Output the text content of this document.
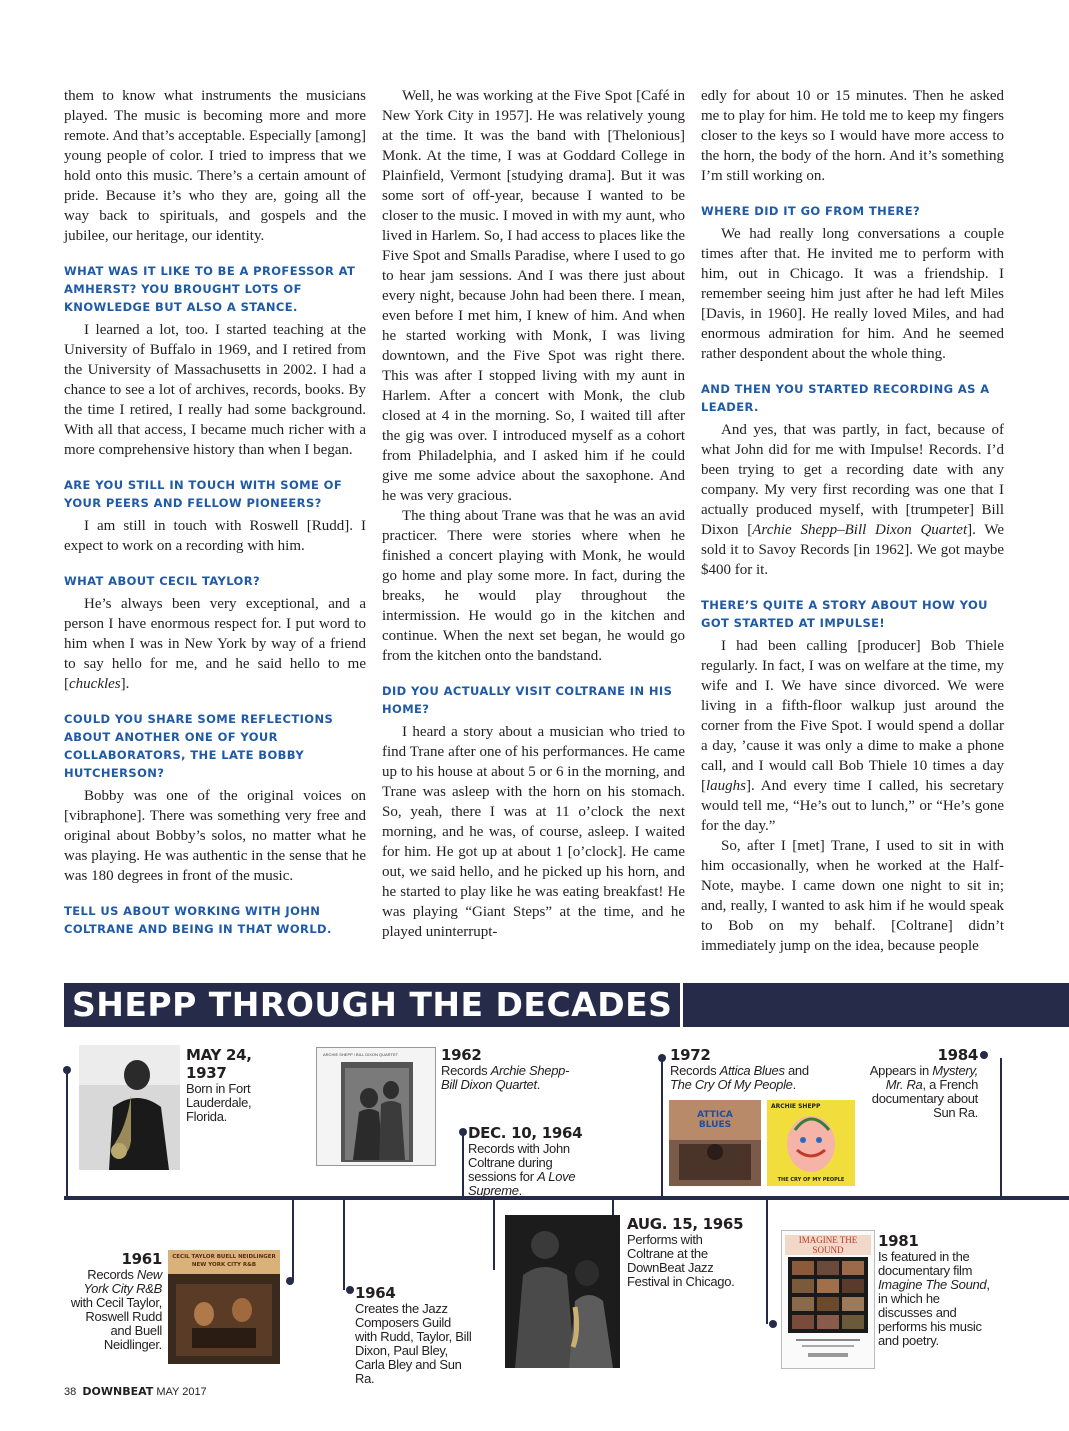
them to know what instruments the musicians played. The music is becoming more and more remote. And that’s acceptable. Especially [among] young people of color. I tried to impress that we hold onto this music. There’s a certain amount of pride. Because it’s who they are, going all the way back to spirituals, and gospels and the jubilee, our heritage, our identity.

WHAT WAS IT LIKE TO BE A PROFESSOR AT AMHERST? YOU BROUGHT LOTS OF KNOWLEDGE BUT ALSO A STANCE.

I learned a lot, too. I started teaching at the University of Buffalo in 1969, and I retired from the University of Massachusetts in 2002. I had a chance to see a lot of archives, records, books. By the time I retired, I really had some background. With all that access, I became much richer with a more comprehensive history than when I began.

ARE YOU STILL IN TOUCH WITH SOME OF YOUR PEERS AND FELLOW PIONEERS?

I am still in touch with Roswell [Rudd]. I expect to work on a recording with him.

WHAT ABOUT CECIL TAYLOR?

He’s always been very exceptional, and a person I have enormous respect for. I put word to him when I was in New York by way of a friend to say hello for me, and he said hello to me [chuckles].

COULD YOU SHARE SOME REFLECTIONS ABOUT ANOTHER ONE OF YOUR COLLABORATORS, THE LATE BOBBY HUTCHERSON?

Bobby was one of the original voices on [vibraphone]. There was something very free and original about Bobby’s solos, no matter what he was playing. He was authentic in the sense that he was 180 degrees in front of the music.

TELL US ABOUT WORKING WITH JOHN COLTRANE AND BEING IN THAT WORLD.

Well, he was working at the Five Spot [Café in New York City in 1957]. He was relatively young at the time. It was the band with [Thelonious] Monk. At the time, I was at Goddard College in Plainfield, Vermont [studying drama]. But it was some sort of off-year, because I wanted to be closer to the music. I moved in with my aunt, who lived in Harlem. So, I had access to places like the Five Spot and Smalls Paradise, where I used to go to hear jam sessions. And I was there just about every night, because John had been there. I mean, even before I met him, I knew of him. And when he started working with Monk, I was living downtown, and the Five Spot was right there. This was after I stopped living with my aunt in Harlem. After a concert with Monk, the club closed at 4 in the morning. So, I waited till after the gig was over. I introduced myself as a cohort from Philadelphia, and I asked him if he could give me some advice about the saxophone. And he was very gracious.

The thing about Trane was that he was an avid practicer. There were stories where when he finished a concert playing with Monk, he would go home and play some more. In fact, during the breaks, he would play throughout the intermission. He would go in the kitchen and continue. When the next set began, he would go from the kitchen onto the bandstand.

DID YOU ACTUALLY VISIT COLTRANE IN HIS HOME?

I heard a story about a musician who tried to find Trane after one of his performances. He came up to his house at about 5 or 6 in the morning, and Trane was asleep with the horn on his stomach. So, yeah, there I was at 11 o’clock the next morning, and he was, of course, asleep. I waited for him. He got up at about 1 [o’clock]. He came out, we said hello, and he picked up his horn, and he started to play like he was eating breakfast! He was playing “Giant Steps” at the time, and he played uninterrupt-

edly for about 10 or 15 minutes. Then he asked me to play for him. He told me to keep my fingers closer to the keys so I would have more access to the horn, the body of the horn. And it’s something I’m still working on.

WHERE DID IT GO FROM THERE?

We had really long conversations a couple times after that. He invited me to perform with him, out in Chicago. It was a friendship. I remember seeing him just after he had left Miles [Davis, in 1960]. He really loved Miles, and had enormous admiration for him. And he seemed rather despondent about the whole thing.

AND THEN YOU STARTED RECORDING AS A LEADER.

And yes, that was partly, in fact, because of what John did for me with Impulse! Records. I’d been trying to get a recording date with any company. My very first recording was one that I actually produced myself, with [trumpeter] Bill Dixon [Archie Shepp–Bill Dixon Quartet]. We sold it to Savoy Records [in 1962]. We got maybe $400 for it.

THERE’S QUITE A STORY ABOUT HOW YOU GOT STARTED AT IMPULSE!

I had been calling [producer] Bob Thiele regularly. In fact, I was on welfare at the time, my wife and I. We have since divorced. We were living in a fifth-floor walkup just around the corner from the Five Spot. I would spend a dollar a day, ’cause it was only a dime to make a phone call, and I would call Bob Thiele 10 times a day [laughs]. And every time I called, his secretary would tell me, “He’s out to lunch,” or “He’s gone for the day.”

So, after I [met] Trane, I used to sit in with him occasionally, when he worked at the Half-Note, maybe. I came down one night to sit in; and, really, I wanted to ask him if he would speak to Bob on my behalf. [Coltrane] didn’t immediately jump on the idea, because people

SHEPP THROUGH THE DECADES
ARCHIE SHEPP / BILL DIXON QUARTET
ATTICA BLUES
ARCHIE SHEPP
THE CRY OF MY PEOPLE
CECIL TAYLOR BUELL NEIDLINGER NEW YORK CITY R&B
IMAGINE THE SOUND
MAY 24, 1937
Born in Fort Lauderdale, Florida.
1962
Records Archie Shepp-Bill Dixon Quartet.
DEC. 10, 1964
Records with John Coltrane during sessions for A Love Supreme.
1972
Records Attica Blues and The Cry Of My People.
1984
Appears in Mystery, Mr. Ra, a French documentary about Sun Ra.
1961
Records New York City R&B with Cecil Taylor, Roswell Rudd and Buell Neidlinger.
1964
Creates the Jazz Composers Guild with Rudd, Taylor, Bill Dixon, Paul Bley, Carla Bley and Sun Ra.
AUG. 15, 1965
Performs with Coltrane at the DownBeat Jazz Festival in Chicago.
1981
Is featured in the documentary film Imagine The Sound, in which he discusses and performs his music and poetry.
38 DOWNBEAT MAY 2017
